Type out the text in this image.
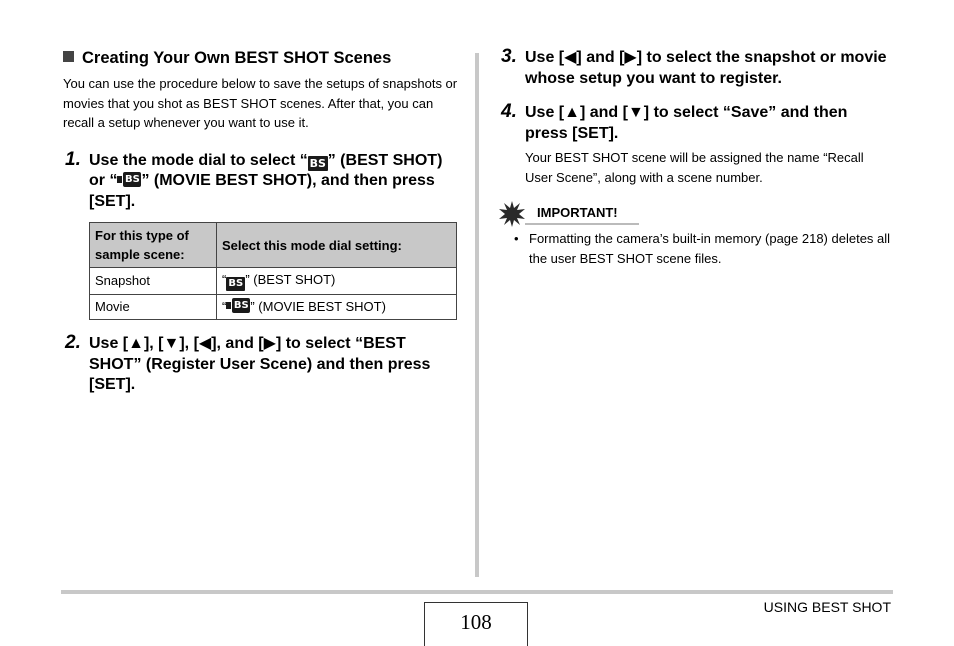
Creating Your Own BEST SHOT Scenes

You can use the procedure below to save the setups of snapshots or movies that you shot as BEST SHOT scenes. After that, you can recall a setup whenever you want to use it.

1. Use the mode dial to select “ BS ” (BEST SHOT) or “ BS ” (MOVIE BEST SHOT), and then press [SET].

For this type of sample scene:	Select this mode dial setting:
Snapshot	“ BS ” (BEST SHOT)
Movie	“ BS ” (MOVIE BEST SHOT)
2. Use [▲], [▼], [◀], and [▶] to select “BEST SHOT” (Register User Scene) and then press [SET].

3. Use [◀] and [▶] to select the snapshot or movie whose setup you want to register.

4. Use [▲] and [▼] to select “Save” and then press [SET].

Your BEST SHOT scene will be assigned the name “Recall User Scene”, along with a scene number.

IMPORTANT!
• Formatting the camera’s built-in memory (page 218) deletes all the user BEST SHOT scene files.
108
USING BEST SHOT
